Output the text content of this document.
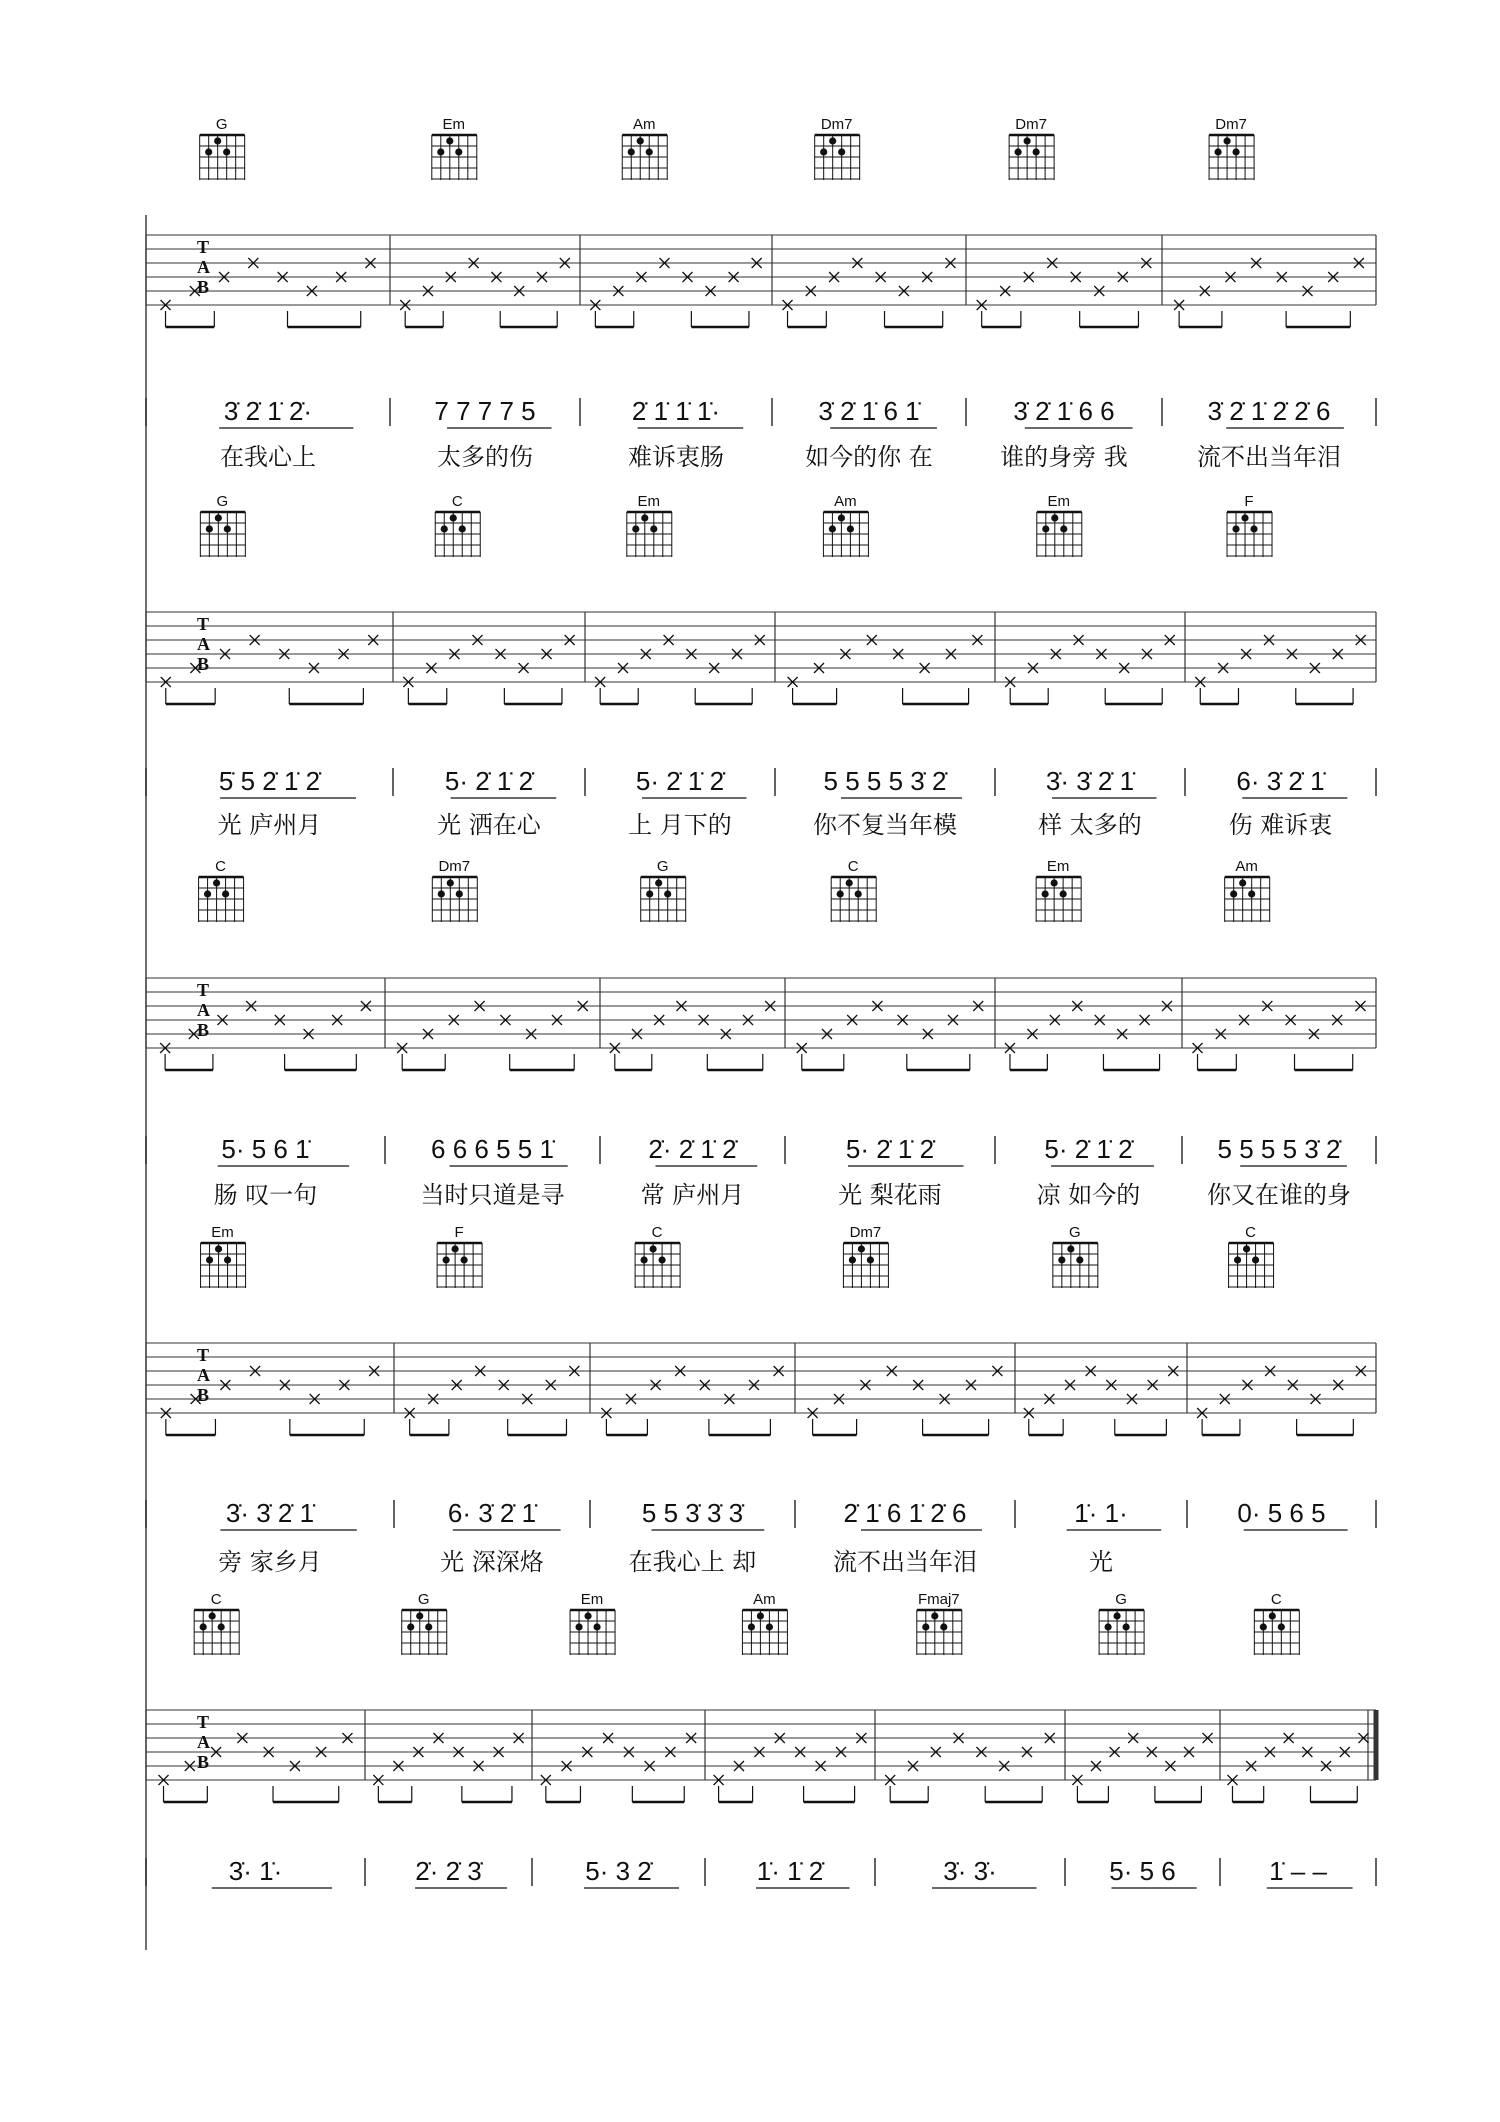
T
A
B
G
3̇ 2̇ 1̇ 2̇·
在我心上
Em
7 7 7 7 5
太多的伤
Am
2̇ 1̇ 1̇ 1̇·
难诉衷肠
Dm7
3̇ 2̇ 1̇ 6 1̇
如今的你 在
Dm7
3̇ 2̇ 1̇ 6 6
谁的身旁 我
Dm7
3̇ 2̇ 1̇ 2̇ 2̇ 6
流不出当年泪
T
A
B
G
5̇ 5 2̇ 1̇ 2̇
光 庐州月
C
5· 2̇ 1̇ 2̇
光 洒在心
Em
5· 2̇ 1̇ 2̇
上 月下的
Am
5 5 5 5 3̇ 2̇
你不复当年模
Em
3̇· 3̇ 2̇ 1̇
样 太多的
F
6· 3̇ 2̇ 1̇
伤 难诉衷
T
A
B
C
5· 5 6 1̇
肠 叹一句
Dm7
6 6 6 5 5 1̇
当时只道是寻
G
2̇· 2̇ 1̇ 2̇
常 庐州月
C
5· 2̇ 1̇ 2̇
光 梨花雨
Em
5· 2̇ 1̇ 2̇
凉 如今的
Am
5 5 5 5 3̇ 2̇
你又在谁的身
T
A
B
Em
3̇· 3̇ 2̇ 1̇
旁 家乡月
F
6· 3̇ 2̇ 1̇
光 深深烙
C
5 5 3̇ 3̇ 3̇
在我心上 却
Dm7
2̇ 1̇ 6 1̇ 2̇ 6
流不出当年泪
G
1̇· 1·
光
C
0· 5 6 5
T
A
B
C
3̇· 1̇·
G
2̇· 2̇ 3̇
Em
5· 3 2̇
Am
1̇· 1̇ 2̇
Fmaj7
3̇· 3̇·
G
5· 5 6
C
1̇ – –
